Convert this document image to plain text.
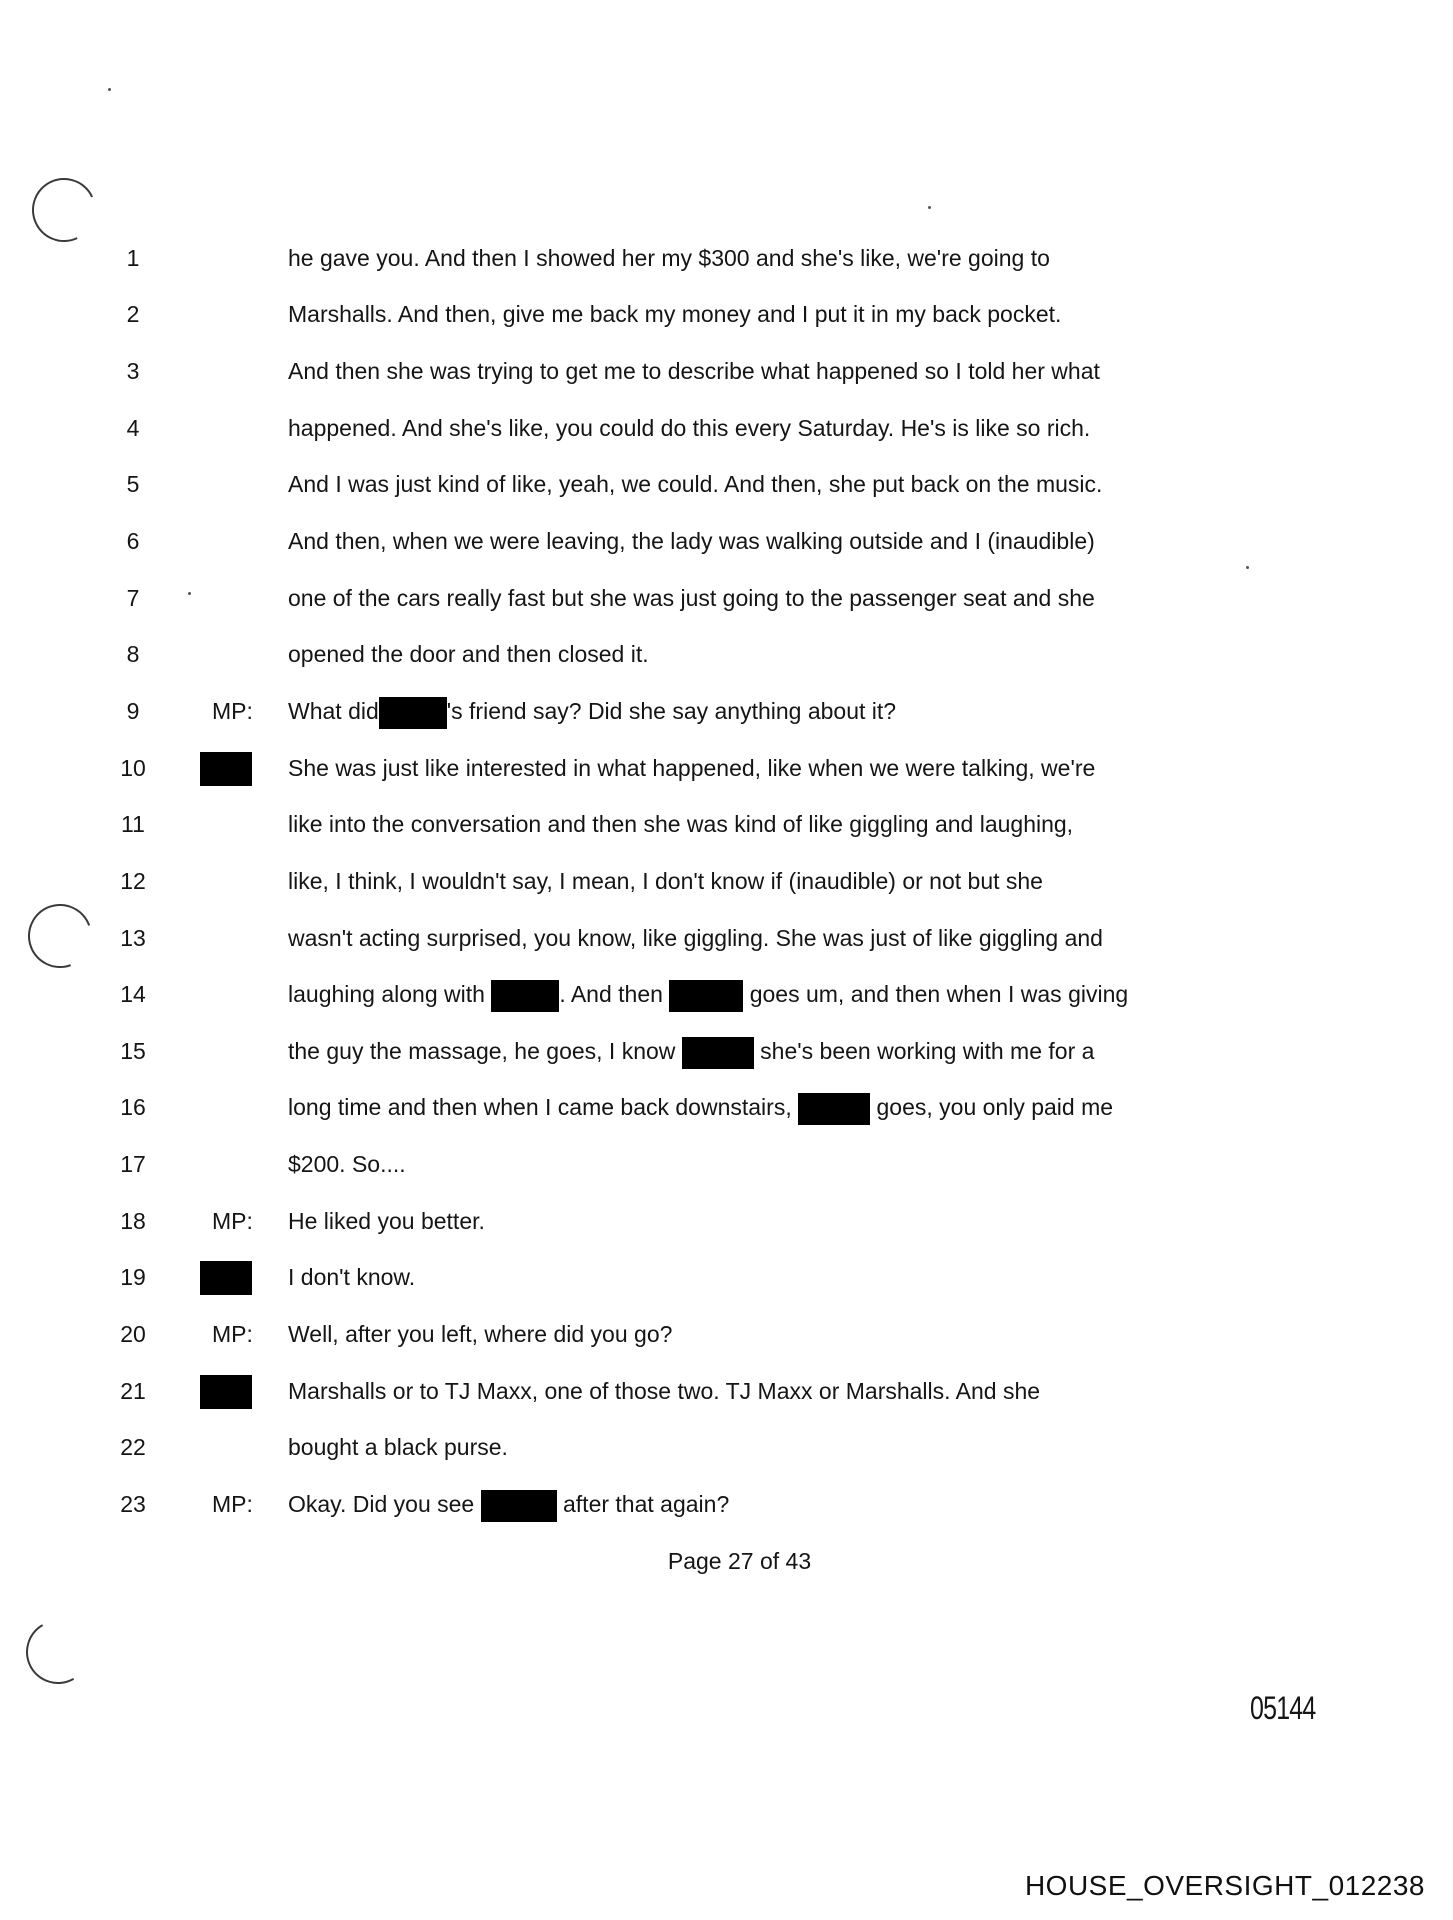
1	he gave you. And then I showed her my $300 and she's like, we're going to
2	Marshalls. And then, give me back my money and I put it in my back pocket.
3	And then she was trying to get me to describe what happened so I told her what
4	happened. And she's like, you could do this every Saturday. He's is like so rich.
5	And I was just kind of like, yeah, we could. And then, she put back on the music.
6	And then, when we were leaving, the lady was walking outside and I (inaudible)
7	one of the cars really fast but she was just going to the passenger seat and she
8	opened the door and then closed it.
9	MP: What did	's friend say? Did she say anything about it?
10	She was just like interested in what happened, like when we were talking, we're
11	like into the conversation and then she was kind of like giggling and laughing,
12	like, I think, I wouldn't say, I mean, I don't know if (inaudible) or not but she
13	wasn't acting surprised, you know, like giggling. She was just of like giggling and
14	laughing along with	. And then	goes um, and then when I was giving
15	the guy the massage, he goes, I know	she's been working with me for a
16	long time and then when I came back downstairs,	goes, you only paid me
17	$200. So....
18	MP: He liked you better.
19	I don't know.
20	MP: Well, after you left, where did you go?
21	Marshalls or to TJ Maxx, one of those two. TJ Maxx or Marshalls. And she
22	bought a black purse.
23	MP: Okay. Did you see	after that again?
Page 27 of 43
05144
HOUSE_OVERSIGHT_012238
